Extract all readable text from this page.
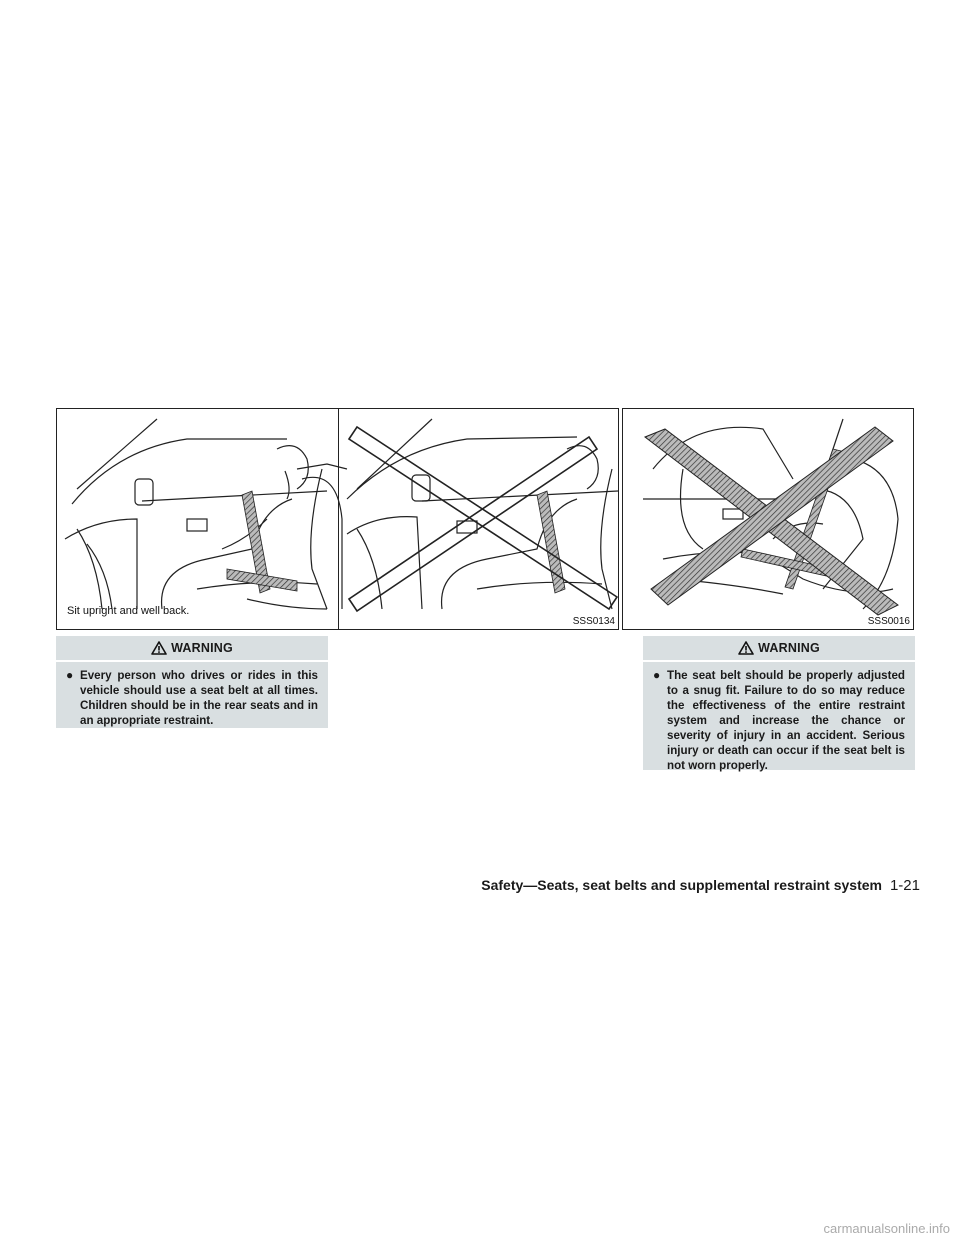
Sit upright and well back.
SSS0134	SSS0016
WARNING
● Every person who drives or rides in this vehicle should use a seat belt at all times. Children should be in the rear seats and in an appropriate restraint.
WARNING
● The seat belt should be properly adjusted to a snug fit. Failure to do so may reduce the effectiveness of the entire restraint system and increase the chance or severity of injury in an accident. Serious injury or death can occur if the seat belt is not worn properly.
Safety—Seats, seat belts and supplemental restraint system 1-21
carmanualsonline.info
